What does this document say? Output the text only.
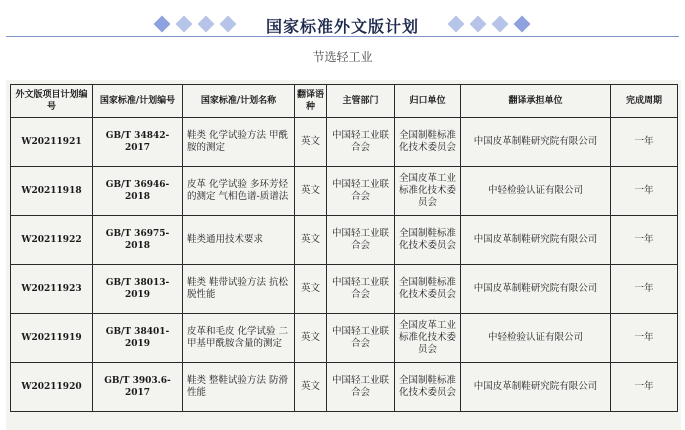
国家标准外文版计划
节选轻工业
外文版项目计划编号	国家标准/计划编号	国家标准/计划名称	翻译语种	主管部门	归口单位	翻译承担单位	完成周期
W20211921	GB/T 34842-2017	鞋类 化学试验方法 甲酰胺的测定	英文	中国轻工业联合会	全国制鞋标准化技术委员会	中国皮革制鞋研究院有限公司	一年
W20211918	GB/T 36946-2018	皮革 化学试验 多环芳烃的测定 气相色谱-质谱法	英文	中国轻工业联合会	全国皮革工业标准化技术委员会	中轻检验认证有限公司	一年
W20211922	GB/T 36975-2018	鞋类通用技术要求	英文	中国轻工业联合会	全国制鞋标准化技术委员会	中国皮革制鞋研究院有限公司	一年
W20211923	GB/T 38013-2019	鞋类 鞋带试验方法 抗松脱性能	英文	中国轻工业联合会	全国制鞋标准化技术委员会	中国皮革制鞋研究院有限公司	一年
W20211919	GB/T 38401-2019	皮革和毛皮 化学试验 二甲基甲酰胺含量的测定	英文	中国轻工业联合会	全国皮革工业标准化技术委员会	中轻检验认证有限公司	一年
W20211920	GB/T 3903.6-2017	鞋类 整鞋试验方法 防滑性能	英文	中国轻工业联合会	全国制鞋标准化技术委员会	中国皮革制鞋研究院有限公司	一年
